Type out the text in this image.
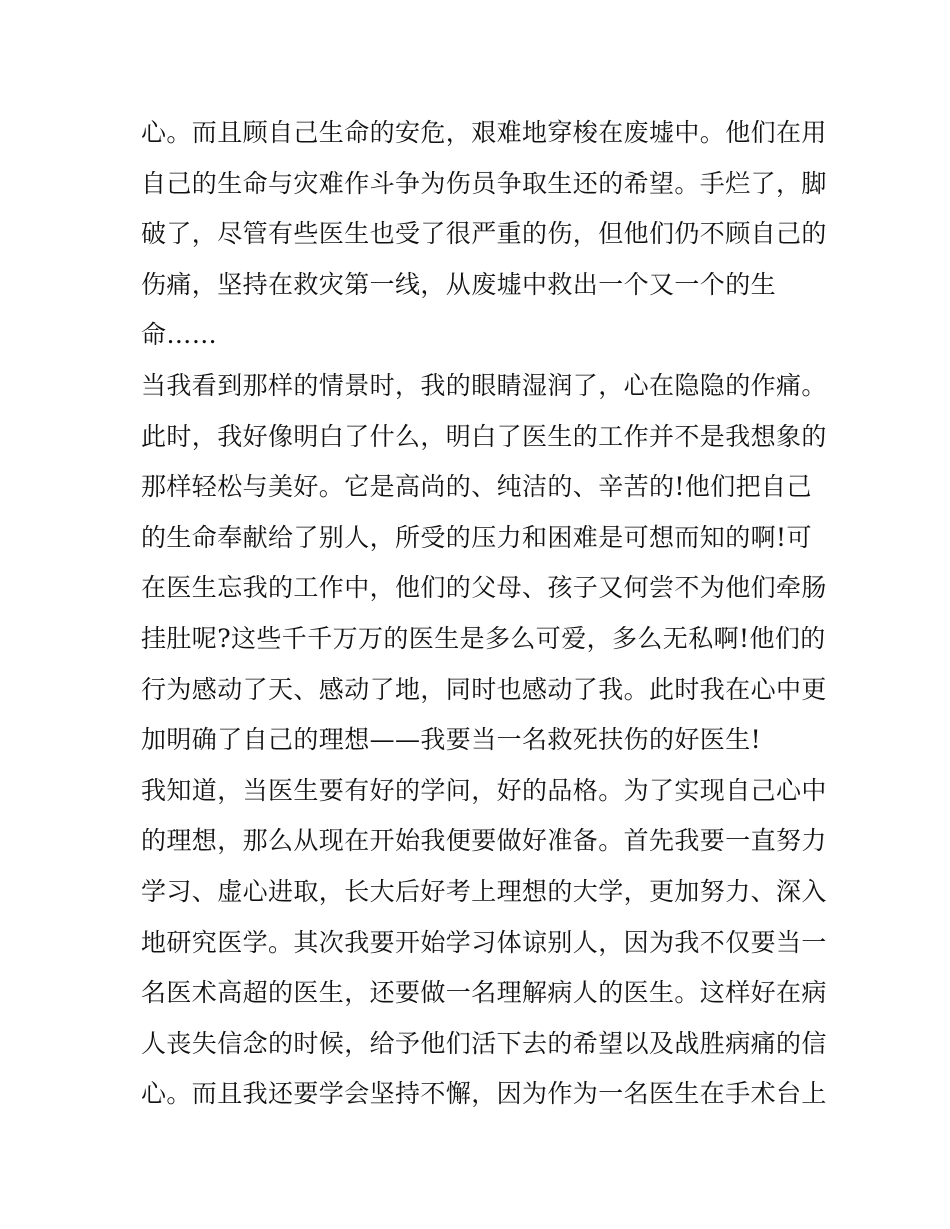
心。而且顾自己生命的安危，艰难地穿梭在废墟中。他们在用
自己的生命与灾难作斗争为伤员争取生还的希望。手烂了，脚
破了，尽管有些医生也受了很严重的伤，但他们仍不顾自己的
伤痛，坚持在救灾第一线，从废墟中救出一个又一个的生
命……
当我看到那样的情景时，我的眼睛湿润了，心在隐隐的作痛。
此时，我好像明白了什么，明白了医生的工作并不是我想象的
那样轻松与美好。它是高尚的、纯洁的、辛苦的!他们把自己
的生命奉献给了别人，所受的压力和困难是可想而知的啊!可
在医生忘我的工作中，他们的父母、孩子又何尝不为他们牵肠
挂肚呢?这些千千万万的医生是多么可爱，多么无私啊!他们的
行为感动了天、感动了地，同时也感动了我。此时我在心中更
加明确了自己的理想——我要当一名救死扶伤的好医生!
我知道，当医生要有好的学问，好的品格。为了实现自己心中
的理想，那么从现在开始我便要做好准备。首先我要一直努力
学习、虚心进取，长大后好考上理想的大学，更加努力、深入
地研究医学。其次我要开始学习体谅别人，因为我不仅要当一
名医术高超的医生，还要做一名理解病人的医生。这样好在病
人丧失信念的时候，给予他们活下去的希望以及战胜病痛的信
心。而且我还要学会坚持不懈，因为作为一名医生在手术台上
